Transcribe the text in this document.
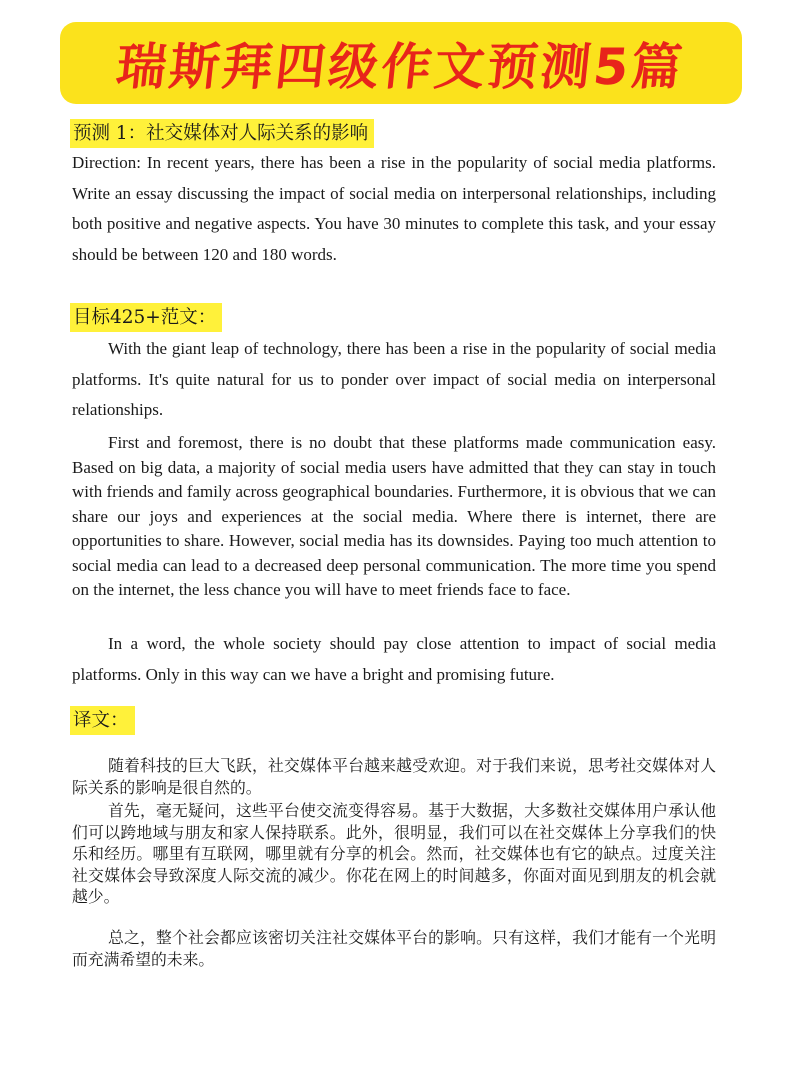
瑞斯拜四级作文预测5篇
预测 1：社交媒体对人际关系的影响

Direction: In recent years, there has been a rise in the popularity of social media platforms. Write an essay discussing the impact of social media on interpersonal relationships, including both positive and negative aspects. You have 30 minutes to complete this task, and your essay should be between 120 and 180 words.

目标425+范文：

With the giant leap of technology, there has been a rise in the popularity of social media platforms. It's quite natural for us to ponder over impact of social media on interpersonal relationships.

First and foremost, there is no doubt that these platforms made communication easy. Based on big data, a majority of social media users have admitted that they can stay in touch with friends and family across geographical boundaries. Furthermore, it is obvious that we can share our joys and experiences at the social media. Where there is internet, there are opportunities to share. However, social media has its downsides. Paying too much attention to social media can lead to a decreased deep personal communication. The more time you spend on the internet, the less chance you will have to meet friends face to face.

In a word, the whole society should pay close attention to impact of social media platforms. Only in this way can we have a bright and promising future.

译文：

随着科技的巨大飞跃，社交媒体平台越来越受欢迎。对于我们来说，思考社交媒体对人际关系的影响是很自然的。

首先，毫无疑问，这些平台使交流变得容易。基于大数据，大多数社交媒体用户承认他们可以跨地域与朋友和家人保持联系。此外，很明显，我们可以在社交媒体上分享我们的快乐和经历。哪里有互联网，哪里就有分享的机会。然而，社交媒体也有它的缺点。过度关注社交媒体会导致深度人际交流的减少。你花在网上的时间越多，你面对面见到朋友的机会就越少。

总之，整个社会都应该密切关注社交媒体平台的影响。只有这样，我们才能有一个光明而充满希望的未来。
